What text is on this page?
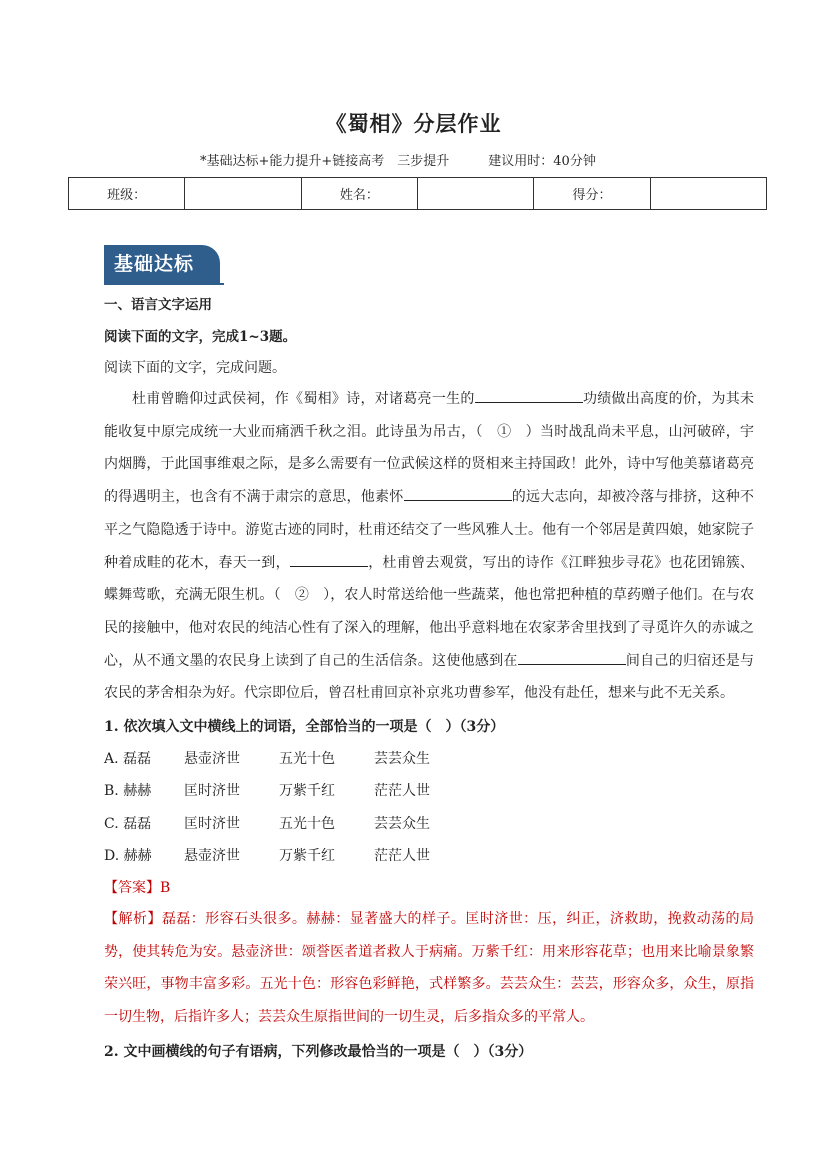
《蜀相》分层作业
*基础达标+能力提升+链接高考　三步提升　　　建议用时：40分钟
班级：		姓名：		得分：	
基础达标
一、语言文字运用
阅读下面的文字，完成1~3题。
阅读下面的文字，完成问题。
杜甫曾瞻仰过武侯祠，作《蜀相》诗，对诸葛亮一生的	功绩做出高度的价，为其未能收复中原完成统一大业而痛洒千秋之泪。此诗虽为吊古，（　①　）当时战乱尚未平息，山河破碎，宇内烟腾，于此国事维艰之际，是多么需要有一位武候这样的贤相来主持国政！此外，诗中写他美慕诸葛亮的得遇明主，也含有不满于肃宗的意思，他素怀	的远大志向，却被冷落与排挤，这种不平之气隐隐透于诗中。游览古迹的同时，杜甫还结交了一些风雅人士。他有一个邻居是黄四娘，她家院子种着成畦的花木，春天一到，	，杜甫曾去观赏，写出的诗作《江畔独步寻花》也花团锦簇、蝶舞莺歌，充满无限生机。（　②　），农人时常送给他一些蔬菜，他也常把种植的草药赠子他们。在与农民的接触中，他对农民的纯洁心性有了深入的理解，他出乎意料地在农家茅舍里找到了寻觅许久的赤诚之心，从不通文墨的农民身上读到了自己的生活信条。这使他感到在	间自己的归宿还是与农民的茅舍相杂为好。代宗即位后，曾召杜甫回京补京兆功曹参军，他没有赴任，想来与此不无关系。
1. 依次填入文中横线上的词语，全部恰当的一项是（　）（3分）
A. 磊磊 悬壶济世	五光十色	芸芸众生
B. 赫赫 匡时济世	万紫千红	茫茫人世
C. 磊磊 匡时济世	五光十色	芸芸众生
D. 赫赫 悬壶济世	万紫千红	茫茫人世
【答案】B
【解析】磊磊：形容石头很多。赫赫：显著盛大的样子。匡时济世：压，纠正，济救助，挽救动荡的局势，使其转危为安。悬壶济世：颂誉医者道者救人于病痛。万紫千红：用来形容花草；也用来比喻景象繁荣兴旺，事物丰富多彩。五光十色：形容色彩鲜艳，式样繁多。芸芸众生：芸芸，形容众多，众生，原指一切生物，后指许多人；芸芸众生原指世间的一切生灵，后多指众多的平常人。
2. 文中画横线的句子有语病，下列修改最恰当的一项是（　）（3分）
